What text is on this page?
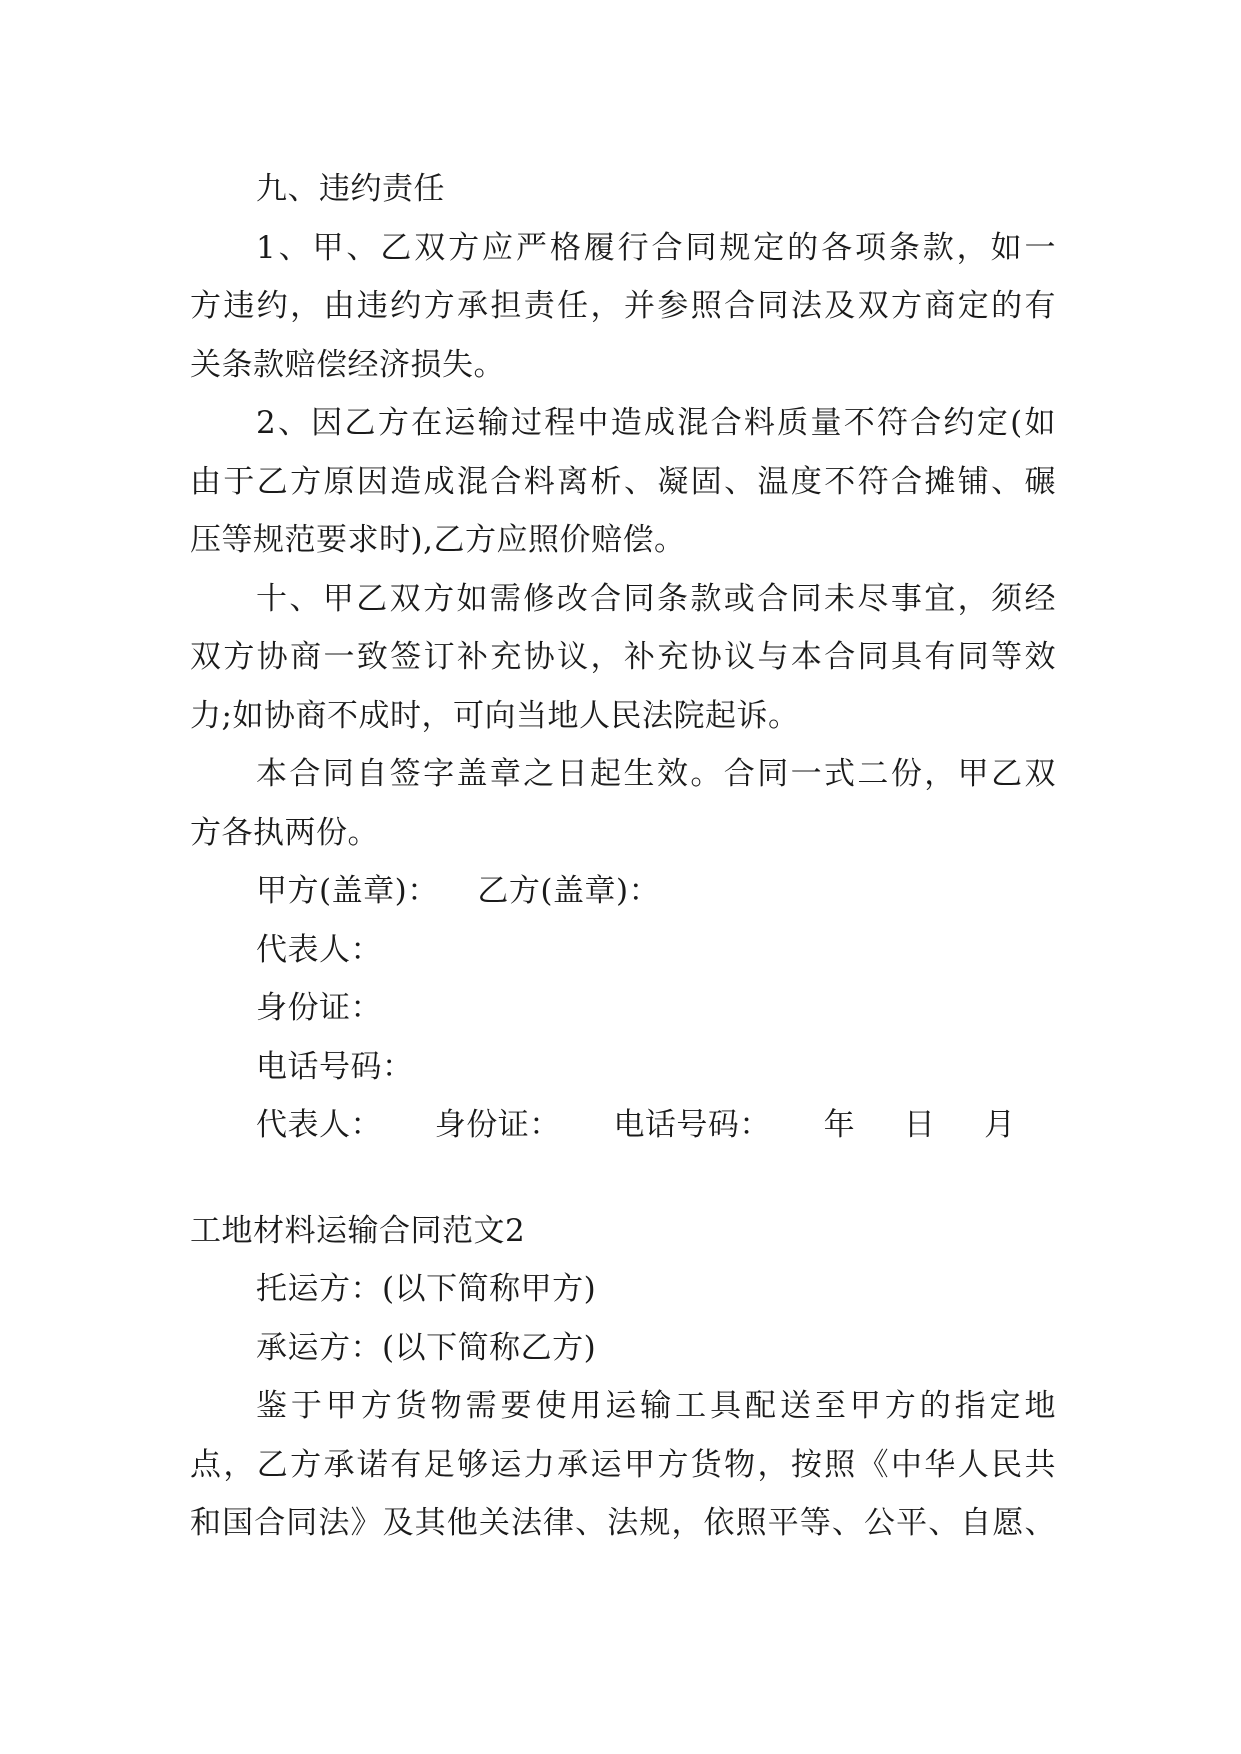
九、违约责任
1、甲、乙双方应严格履行合同规定的各项条款，如一
方违约，由违约方承担责任，并参照合同法及双方商定的有
关条款赔偿经济损失。
2、因乙方在运输过程中造成混合料质量不符合约定(如
由于乙方原因造成混合料离析、凝固、温度不符合摊铺、碾
压等规范要求时),乙方应照价赔偿。
十、甲乙双方如需修改合同条款或合同未尽事宜，须经
双方协商一致签订补充协议，补充协议与本合同具有同等效
力;如协商不成时，可向当地人民法院起诉。
本合同自签字盖章之日起生效。合同一式二份，甲乙双
方各执两份。
甲方(盖章)： 乙方(盖章)：
代表人：
身份证：
电话号码：
代表人： 身份证： 电话号码： 年 日 月
工地材料运输合同范文2
托运方：(以下简称甲方)
承运方：(以下简称乙方)
鉴于甲方货物需要使用运输工具配送至甲方的指定地
点，乙方承诺有足够运力承运甲方货物，按照《中华人民共
和国合同法》及其他关法律、法规，依照平等、公平、自愿、
